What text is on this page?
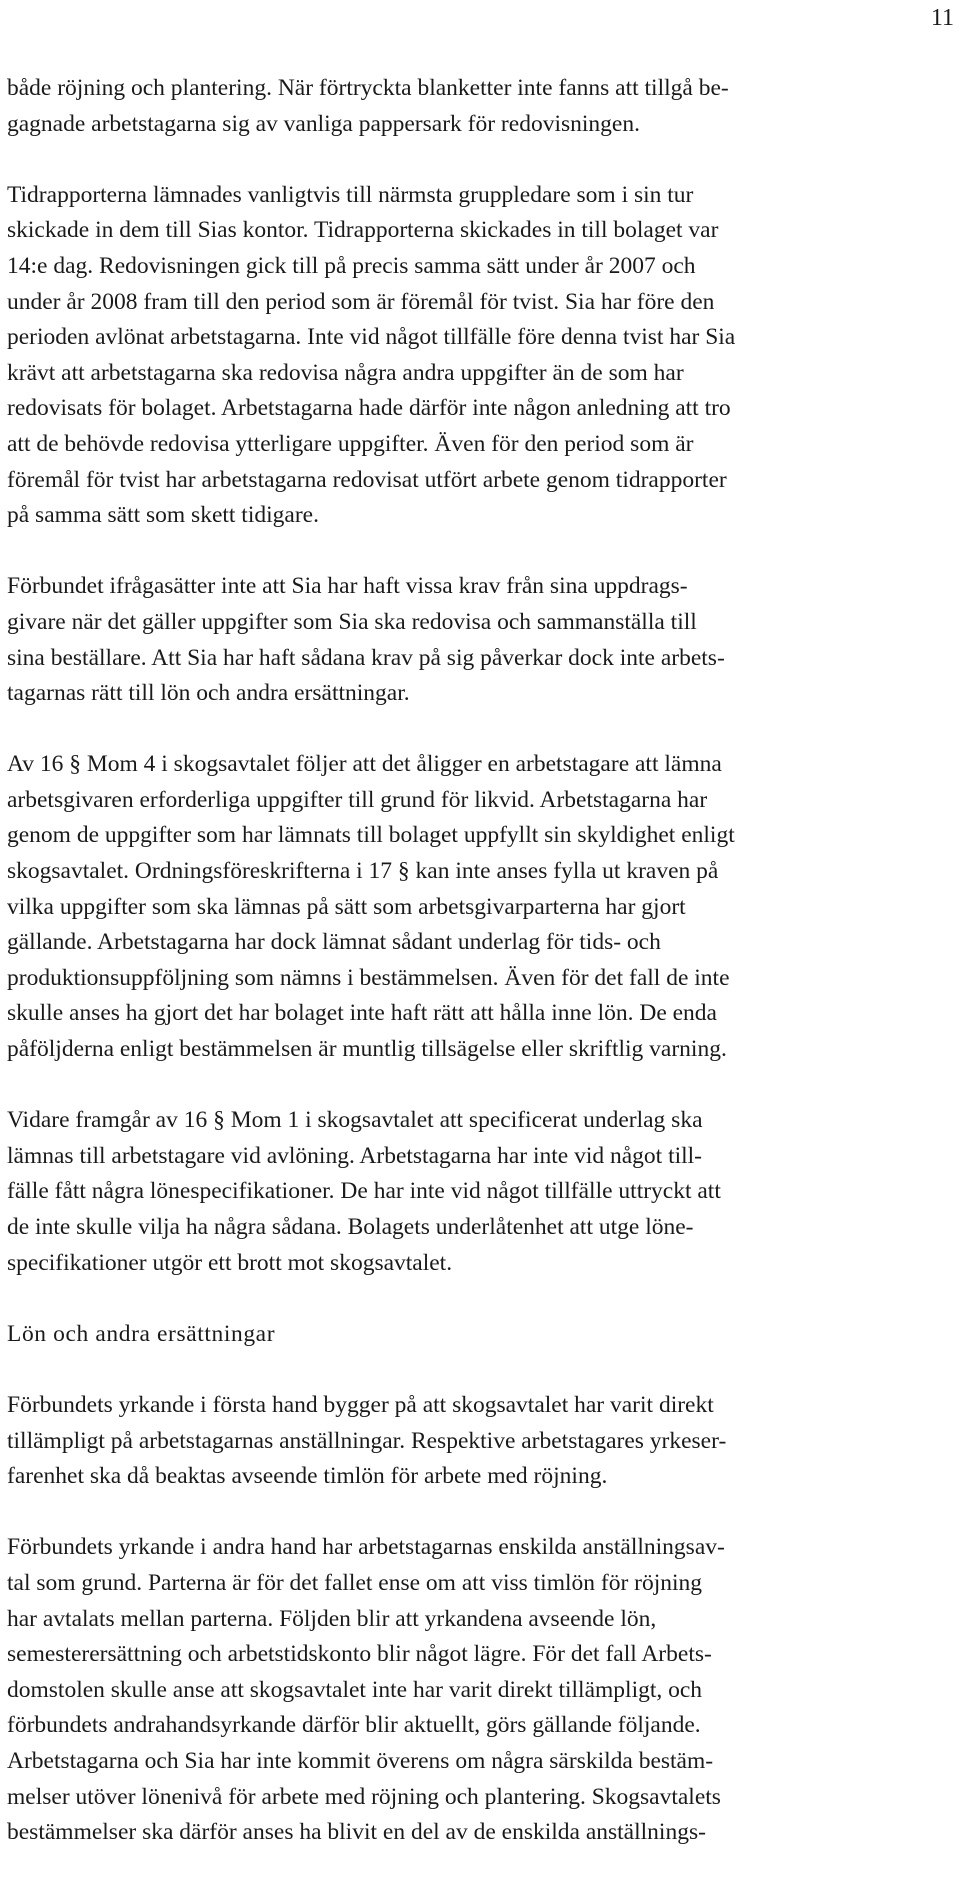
11
både röjning och plantering. När förtryckta blanketter inte fanns att tillgå be-
gagnade arbetstagarna sig av vanliga pappersark för redovisningen.
Tidrapporterna lämnades vanligtvis till närmsta gruppledare som i sin tur
skickade in dem till Sias kontor. Tidrapporterna skickades in till bolaget var
14:e dag. Redovisningen gick till på precis samma sätt under år 2007 och
under år 2008 fram till den period som är föremål för tvist. Sia har före den
perioden avlönat arbetstagarna. Inte vid något tillfälle före denna tvist har Sia
krävt att arbetstagarna ska redovisa några andra uppgifter än de som har
redovisats för bolaget. Arbetstagarna hade därför inte någon anledning att tro
att de behövde redovisa ytterligare uppgifter. Även för den period som är
föremål för tvist har arbetstagarna redovisat utfört arbete genom tidrapporter
på samma sätt som skett tidigare.
Förbundet ifrågasätter inte att Sia har haft vissa krav från sina uppdrags-
givare när det gäller uppgifter som Sia ska redovisa och sammanställa till
sina beställare. Att Sia har haft sådana krav på sig påverkar dock inte arbets-
tagarnas rätt till lön och andra ersättningar.
Av 16 § Mom 4 i skogsavtalet följer att det åligger en arbetstagare att lämna
arbetsgivaren erforderliga uppgifter till grund för likvid. Arbetstagarna har
genom de uppgifter som har lämnats till bolaget uppfyllt sin skyldighet enligt
skogsavtalet. Ordningsföreskrifterna i 17 § kan inte anses fylla ut kraven på
vilka uppgifter som ska lämnas på sätt som arbetsgivarparterna har gjort
gällande. Arbetstagarna har dock lämnat sådant underlag för tids- och
produktionsuppföljning som nämns i bestämmelsen. Även för det fall de inte
skulle anses ha gjort det har bolaget inte haft rätt att hålla inne lön. De enda
påföljderna enligt bestämmelsen är muntlig tillsägelse eller skriftlig varning.
Vidare framgår av 16 § Mom 1 i skogsavtalet att specificerat underlag ska
lämnas till arbetstagare vid avlöning. Arbetstagarna har inte vid något till-
fälle fått några lönespecifikationer. De har inte vid något tillfälle uttryckt att
de inte skulle vilja ha några sådana. Bolagets underlåtenhet att utge löne-
specifikationer utgör ett brott mot skogsavtalet.
Lön och andra ersättningar
Förbundets yrkande i första hand bygger på att skogsavtalet har varit direkt
tillämpligt på arbetstagarnas anställningar. Respektive arbetstagares yrkeser-
farenhet ska då beaktas avseende timlön för arbete med röjning.
Förbundets yrkande i andra hand har arbetstagarnas enskilda anställningsav-
tal som grund. Parterna är för det fallet ense om att viss timlön för röjning
har avtalats mellan parterna. Följden blir att yrkandena avseende lön,
semesterersättning och arbetstidskonto blir något lägre. För det fall Arbets-
domstolen skulle anse att skogsavtalet inte har varit direkt tillämpligt, och
förbundets andrahandsyrkande därför blir aktuellt, görs gällande följande.
Arbetstagarna och Sia har inte kommit överens om några särskilda bestäm-
melser utöver lönenivå för arbete med röjning och plantering. Skogsavtalets
bestämmelser ska därför anses ha blivit en del av de enskilda anställnings-
